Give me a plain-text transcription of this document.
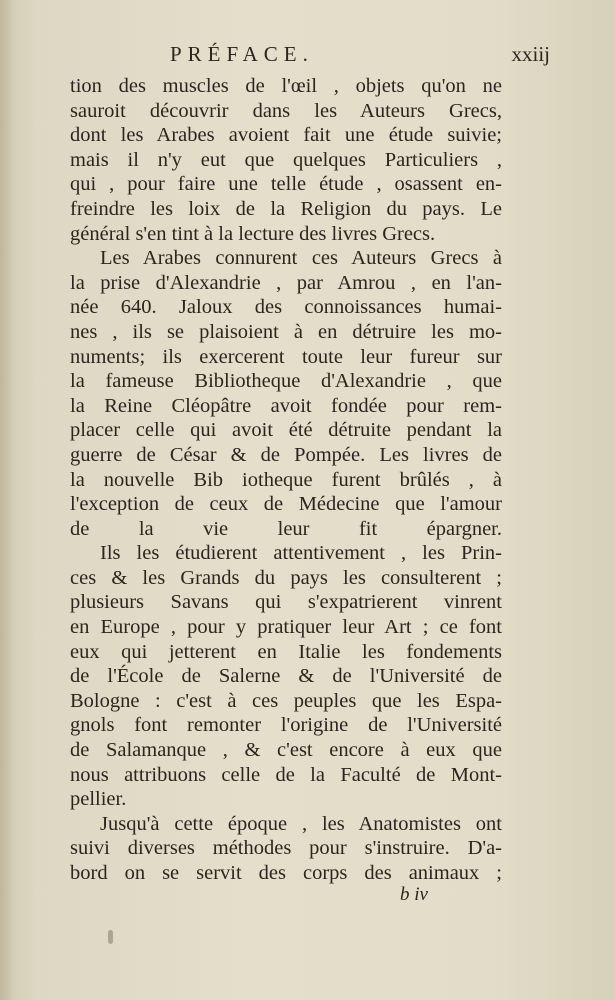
PRÉFACE.	xxiij
tion des muscles de l'œil , objets qu'on ne
sauroit découvrir dans les Auteurs Grecs,
dont les Arabes avoient fait une étude suivie;
mais il n'y eut que quelques Particuliers ,
qui , pour faire une telle étude , osassent en-
freindre les loix de la Religion du pays. Le
général s'en tint à la lecture des livres Grecs.
Les Arabes connurent ces Auteurs Grecs à
la prise d'Alexandrie , par Amrou , en l'an-
née 640. Jaloux des connoissances humai-
nes , ils se plaisoient à en détruire les mo-
numents; ils exercerent toute leur fureur sur
la fameuse Bibliotheque d'Alexandrie , que
la Reine Cléopâtre avoit fondée pour rem-
placer celle qui avoit été détruite pendant la
guerre de César & de Pompée. Les livres de
la nouvelle Bib iotheque furent brûlés , à
l'exception de ceux de Médecine que l'amour
de la vie leur fit épargner.
Ils les étudierent attentivement , les Prin-
ces & les Grands du pays les consulterent ;
plusieurs Savans qui s'expatrierent vinrent
en Europe , pour y pratiquer leur Art ; ce font
eux qui jetterent en Italie les fondements
de l'École de Salerne & de l'Université de
Bologne : c'est à ces peuples que les Espa-
gnols font remonter l'origine de l'Université
de Salamanque , & c'est encore à eux que
nous attribuons celle de la Faculté de Mont-
pellier.
Jusqu'à cette époque , les Anatomistes ont
suivi diverses méthodes pour s'instruire. D'a-
bord on se servit des corps des animaux ;
b iv
